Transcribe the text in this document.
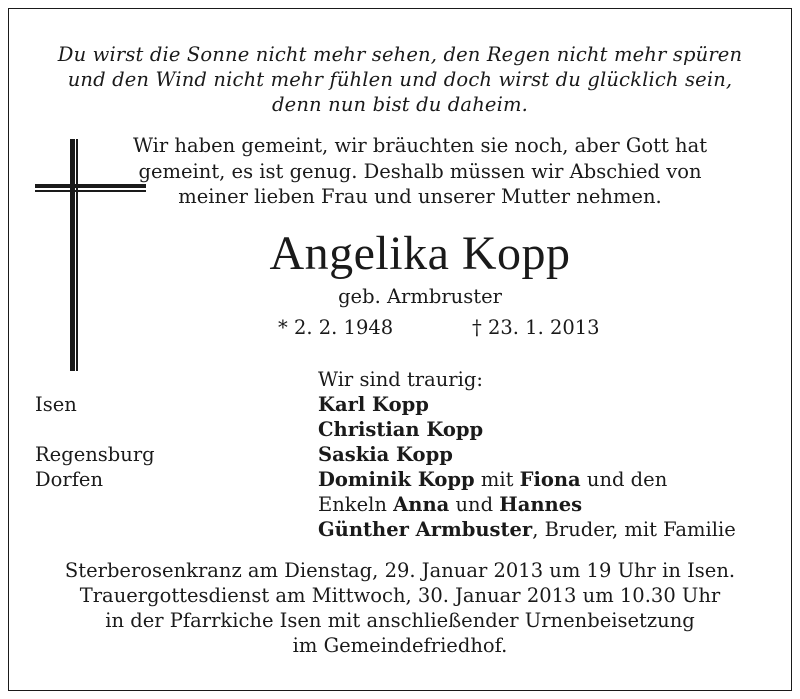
Du wirst die Sonne nicht mehr sehen, den Regen nicht mehr spüren
und den Wind nicht mehr fühlen und doch wirst du glücklich sein,
denn nun bist du daheim.
Wir haben gemeint, wir bräuchten sie noch, aber Gott hat
gemeint, es ist genug. Deshalb müssen wir Abschied von
meiner lieben Frau und unserer Mutter nehmen.
Angelika Kopp
geb. Armbruster
* 2. 2. 1948	† 23. 1. 2013
Wir sind traurig:
Isen	Karl Kopp
Christian Kopp
Regensburg	Saskia Kopp
Dorfen	Dominik Kopp mit Fiona und den
Enkeln Anna und Hannes
Günther Armbuster, Bruder, mit Familie
Sterberosenkranz am Dienstag, 29. Januar 2013 um 19 Uhr in Isen.
Trauergottesdienst am Mittwoch, 30. Januar 2013 um 10.30 Uhr
in der Pfarrkiche Isen mit anschließender Urnenbeisetzung
im Gemeindefriedhof.
